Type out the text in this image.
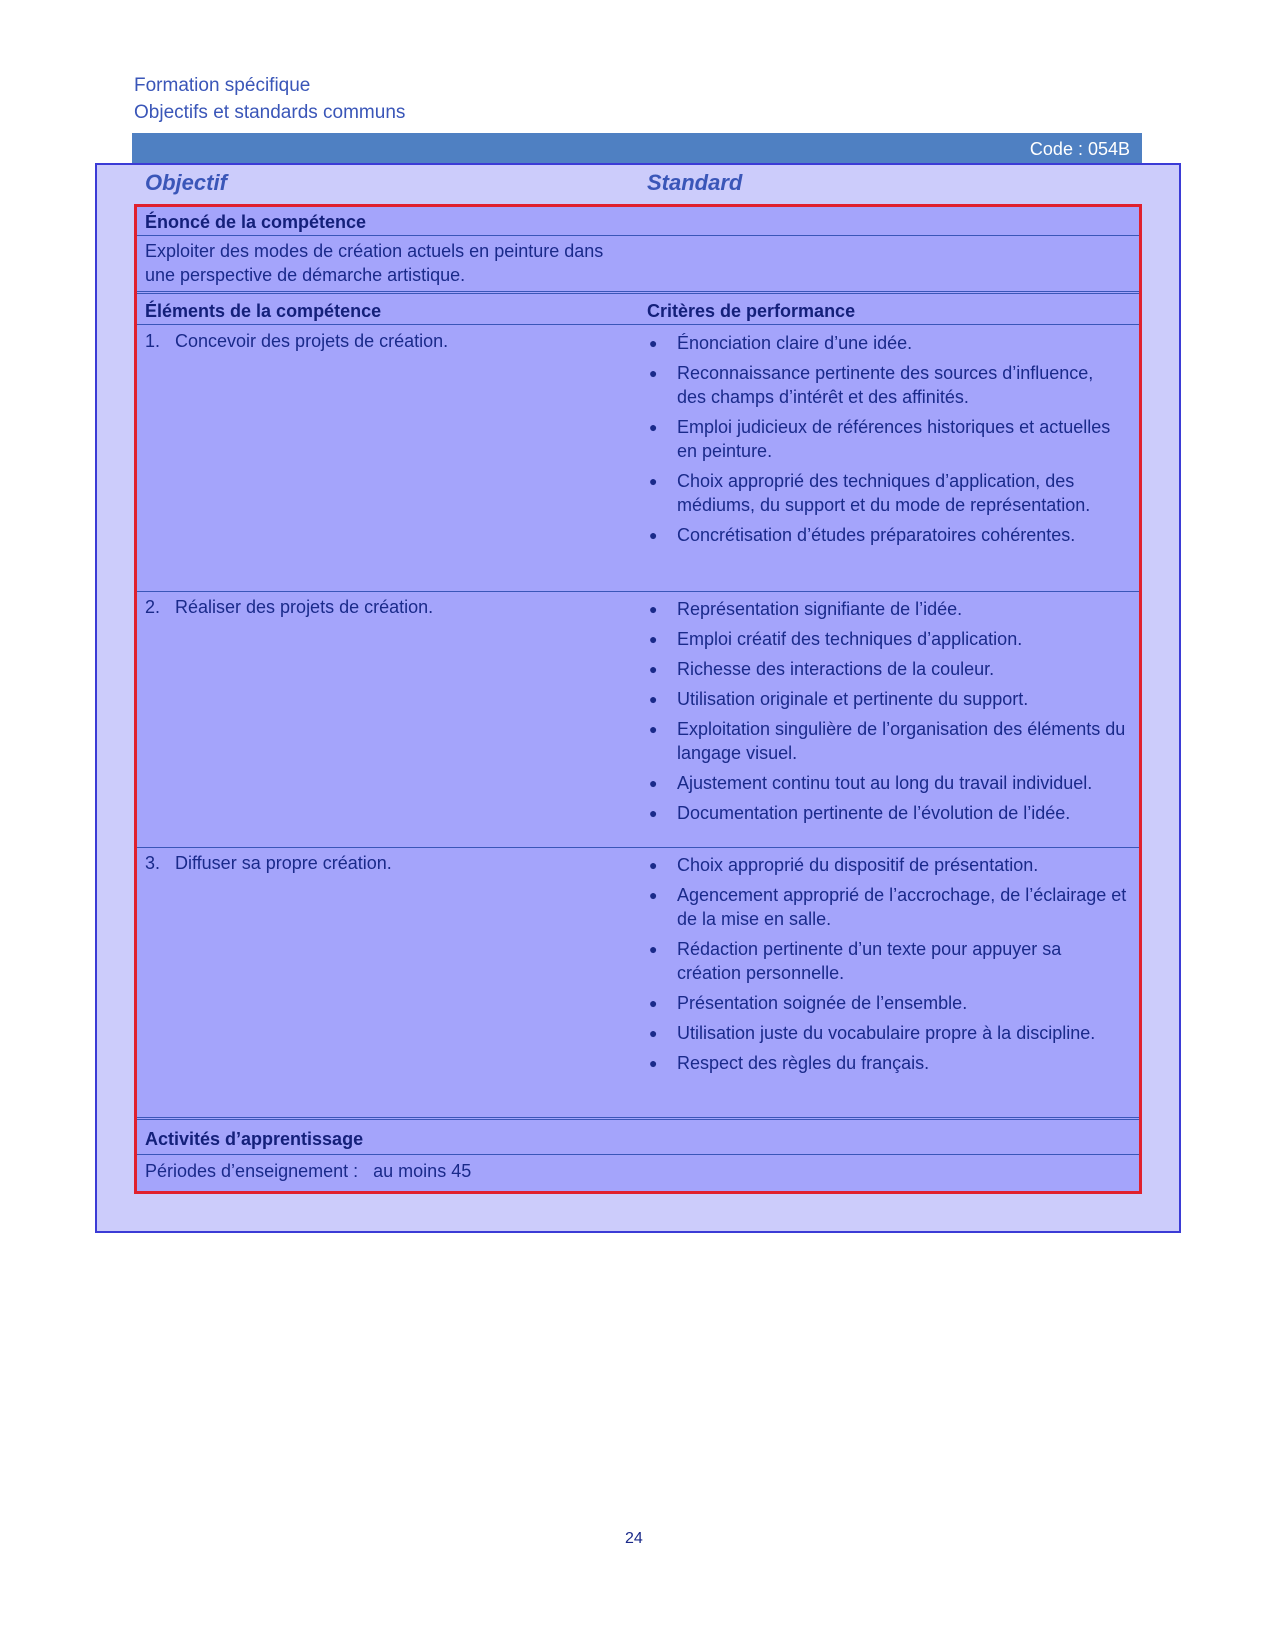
Formation spécifique
Objectifs et standards communs
Code : 054B
Objectif	Standard
Énoncé de la compétence
Exploiter des modes de création actuels en peinture dans une perspective de démarche artistique.
Éléments de la compétence	Critères de performance
1. Concevoir des projets de création.	● Énonciation claire d’une idée.
● Reconnaissance pertinente des sources d’influence, des champs d’intérêt et des affinités.
● Emploi judicieux de références historiques et actuelles en peinture.
● Choix approprié des techniques d’application, des médiums, du support et du mode de représentation.
● Concrétisation d’études préparatoires cohérentes.
2. Réaliser des projets de création.	● Représentation signifiante de l’idée.
● Emploi créatif des techniques d’application.
● Richesse des interactions de la couleur.
● Utilisation originale et pertinente du support.
● Exploitation singulière de l’organisation des éléments du langage visuel.
● Ajustement continu tout au long du travail individuel.
● Documentation pertinente de l’évolution de l’idée.
3. Diffuser sa propre création.	● Choix approprié du dispositif de présentation.
● Agencement approprié de l’accrochage, de l’éclairage et de la mise en salle.
● Rédaction pertinente d’un texte pour appuyer sa création personnelle.
● Présentation soignée de l’ensemble.
● Utilisation juste du vocabulaire propre à la discipline.
● Respect des règles du français.
Activités d’apprentissage
Périodes d’enseignement : au moins 45
24
